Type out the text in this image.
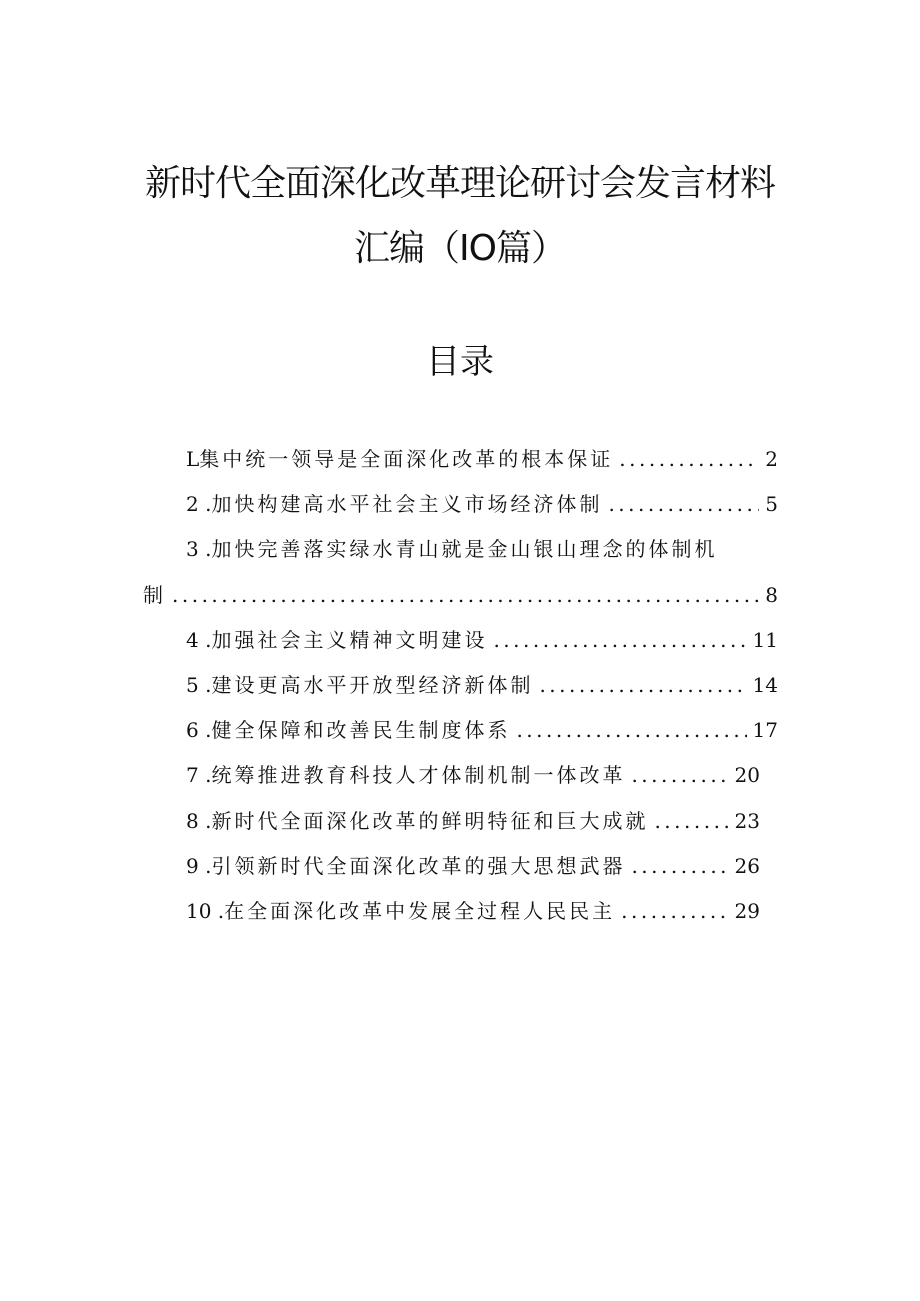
新时代全面深化改革理论研讨会发言材料
汇编（IO篇）
目录
L 集中统一领导是全面深化改革的根本保证 .....	2
2 . 加快构建高水平社会主义市场经济体制 .....	5
3 . 加快完善落实绿水青山就是金山银山理念的体制机
制 .....	8
4 . 加强社会主义精神文明建设 .....	11
5 . 建设更高水平开放型经济新体制 .....	14
6 . 健全保障和改善民生制度体系 .....	17
7 . 统筹推进教育科技人才体制机制一体改革 .....	20
8 . 新时代全面深化改革的鲜明特征和巨大成就 .....	23
9 . 引领新时代全面深化改革的强大思想武器 .....	26
10 . 在全面深化改革中发展全过程人民民主 .....	29
